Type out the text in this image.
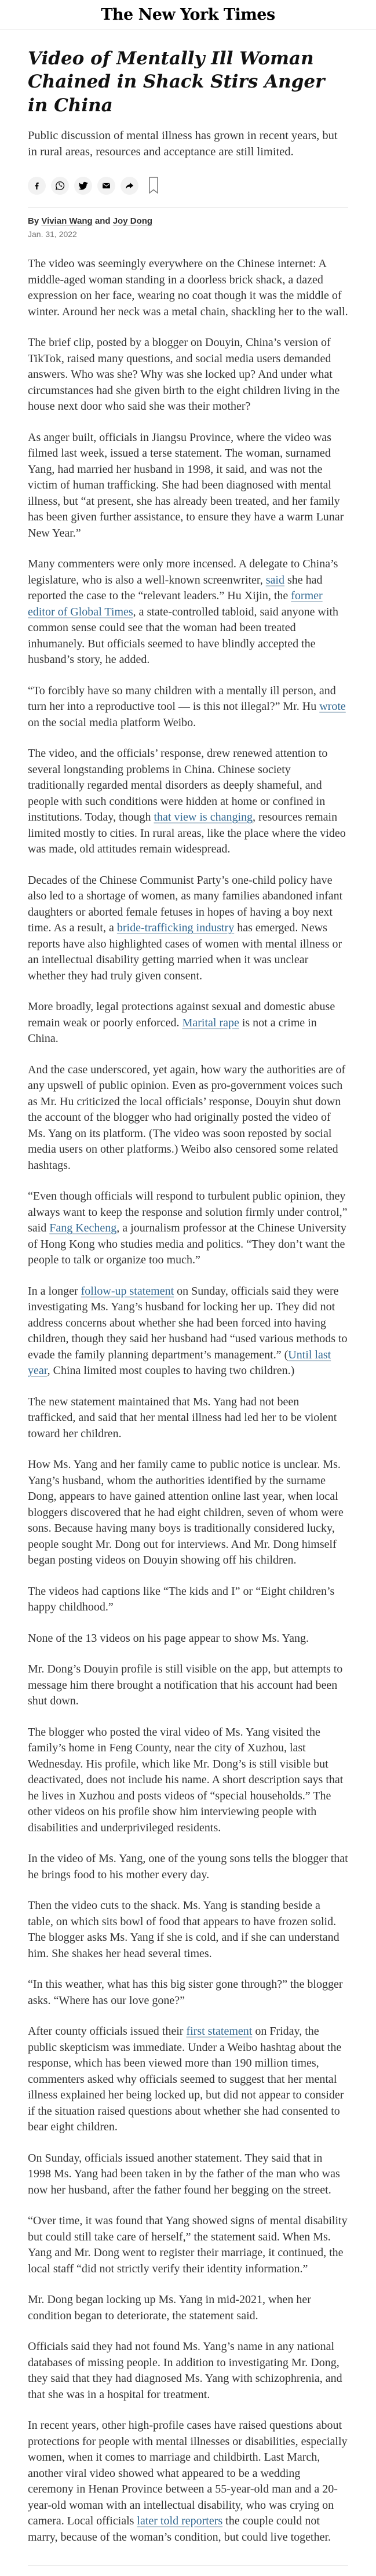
The New York Times
Video of Mentally Ill Woman Chained in Shack Stirs Anger in China

Public discussion of mental illness has grown in recent years, but in rural areas, resources and acceptance are still limited.

By Vivian Wang and Joy Dong
Jan. 31, 2022

The video was seemingly everywhere on the Chinese internet: A middle-aged woman standing in a doorless brick shack, a dazed expression on her face, wearing no coat though it was the middle of winter. Around her neck was a metal chain, shackling her to the wall.

The brief clip, posted by a blogger on Douyin, China’s version of TikTok, raised many questions, and social media users demanded answers. Who was she? Why was she locked up? And under what circumstances had she given birth to the eight children living in the house next door who said she was their mother?

As anger built, officials in Jiangsu Province, where the video was filmed last week, issued a terse statement. The woman, surnamed Yang, had married her husband in 1998, it said, and was not the victim of human trafficking. She had been diagnosed with mental illness, but “at present, she has already been treated, and her family has been given further assistance, to ensure they have a warm Lunar New Year.”

Many commenters were only more incensed. A delegate to China’s legislature, who is also a well-known screenwriter, said she had reported the case to the “relevant leaders.” Hu Xijin, the former editor of Global Times, a state-controlled tabloid, said anyone with common sense could see that the woman had been treated inhumanely. But officials seemed to have blindly accepted the husband’s story, he added.

“To forcibly have so many children with a mentally ill person, and turn her into a reproductive tool — is this not illegal?” Mr. Hu wrote on the social media platform Weibo.

The video, and the officials’ response, drew renewed attention to several longstanding problems in China. Chinese society traditionally regarded mental disorders as deeply shameful, and people with such conditions were hidden at home or confined in institutions. Today, though that view is changing, resources remain limited mostly to cities. In rural areas, like the place where the video was made, old attitudes remain widespread.

Decades of the Chinese Communist Party’s one-child policy have also led to a shortage of women, as many families abandoned infant daughters or aborted female fetuses in hopes of having a boy next time. As a result, a bride-trafficking industry has emerged. News reports have also highlighted cases of women with mental illness or an intellectual disability getting married when it was unclear whether they had truly given consent.

More broadly, legal protections against sexual and domestic abuse remain weak or poorly enforced. Marital rape is not a crime in China.

And the case underscored, yet again, how wary the authorities are of any upswell of public opinion. Even as pro-government voices such as Mr. Hu criticized the local officials’ response, Douyin shut down the account of the blogger who had originally posted the video of Ms. Yang on its platform. (The video was soon reposted by social media users on other platforms.) Weibo also censored some related hashtags.

“Even though officials will respond to turbulent public opinion, they always want to keep the response and solution firmly under control,” said Fang Kecheng, a journalism professor at the Chinese University of Hong Kong who studies media and politics. “They don’t want the people to talk or organize too much.”

In a longer follow-up statement on Sunday, officials said they were investigating Ms. Yang’s husband for locking her up. They did not address concerns about whether she had been forced into having children, though they said her husband had “used various methods to evade the family planning department’s management.” (Until last year, China limited most couples to having two children.)

The new statement maintained that Ms. Yang had not been trafficked, and said that her mental illness had led her to be violent toward her children.

How Ms. Yang and her family came to public notice is unclear. Ms. Yang’s husband, whom the authorities identified by the surname Dong, appears to have gained attention online last year, when local bloggers discovered that he had eight children, seven of whom were sons. Because having many boys is traditionally considered lucky, people sought Mr. Dong out for interviews. And Mr. Dong himself began posting videos on Douyin showing off his children.

The videos had captions like “The kids and I” or “Eight children’s happy childhood.”

None of the 13 videos on his page appear to show Ms. Yang.

Mr. Dong’s Douyin profile is still visible on the app, but attempts to message him there brought a notification that his account had been shut down.

The blogger who posted the viral video of Ms. Yang visited the family’s home in Feng County, near the city of Xuzhou, last Wednesday. His profile, which like Mr. Dong’s is still visible but deactivated, does not include his name. A short description says that he lives in Xuzhou and posts videos of “special households.” The other videos on his profile show him interviewing people with disabilities and underprivileged residents.

In the video of Ms. Yang, one of the young sons tells the blogger that he brings food to his mother every day.

Then the video cuts to the shack. Ms. Yang is standing beside a table, on which sits bowl of food that appears to have frozen solid. The blogger asks Ms. Yang if she is cold, and if she can understand him. She shakes her head several times.

“In this weather, what has this big sister gone through?” the blogger asks. “Where has our love gone?”

After county officials issued their first statement on Friday, the public skepticism was immediate. Under a Weibo hashtag about the response, which has been viewed more than 190 million times, commenters asked why officials seemed to suggest that her mental illness explained her being locked up, but did not appear to consider if the situation raised questions about whether she had consented to bear eight children.

On Sunday, officials issued another statement. They said that in 1998 Ms. Yang had been taken in by the father of the man who was now her husband, after the father found her begging on the street.

“Over time, it was found that Yang showed signs of mental disability but could still take care of herself,” the statement said. When Ms. Yang and Mr. Dong went to register their marriage, it continued, the local staff “did not strictly verify their identity information.”

Mr. Dong began locking up Ms. Yang in mid-2021, when her condition began to deteriorate, the statement said.

Officials said they had not found Ms. Yang’s name in any national databases of missing people. In addition to investigating Mr. Dong, they said that they had diagnosed Ms. Yang with schizophrenia, and that she was in a hospital for treatment.

In recent years, other high-profile cases have raised questions about protections for people with mental illnesses or disabilities, especially women, when it comes to marriage and childbirth. Last March, another viral video showed what appeared to be a wedding ceremony in Henan Province between a 55-year-old man and a 20-year-old woman with an intellectual disability, who was crying on camera. Local officials later told reporters the couple could not marry, because of the woman’s condition, but could live together.
